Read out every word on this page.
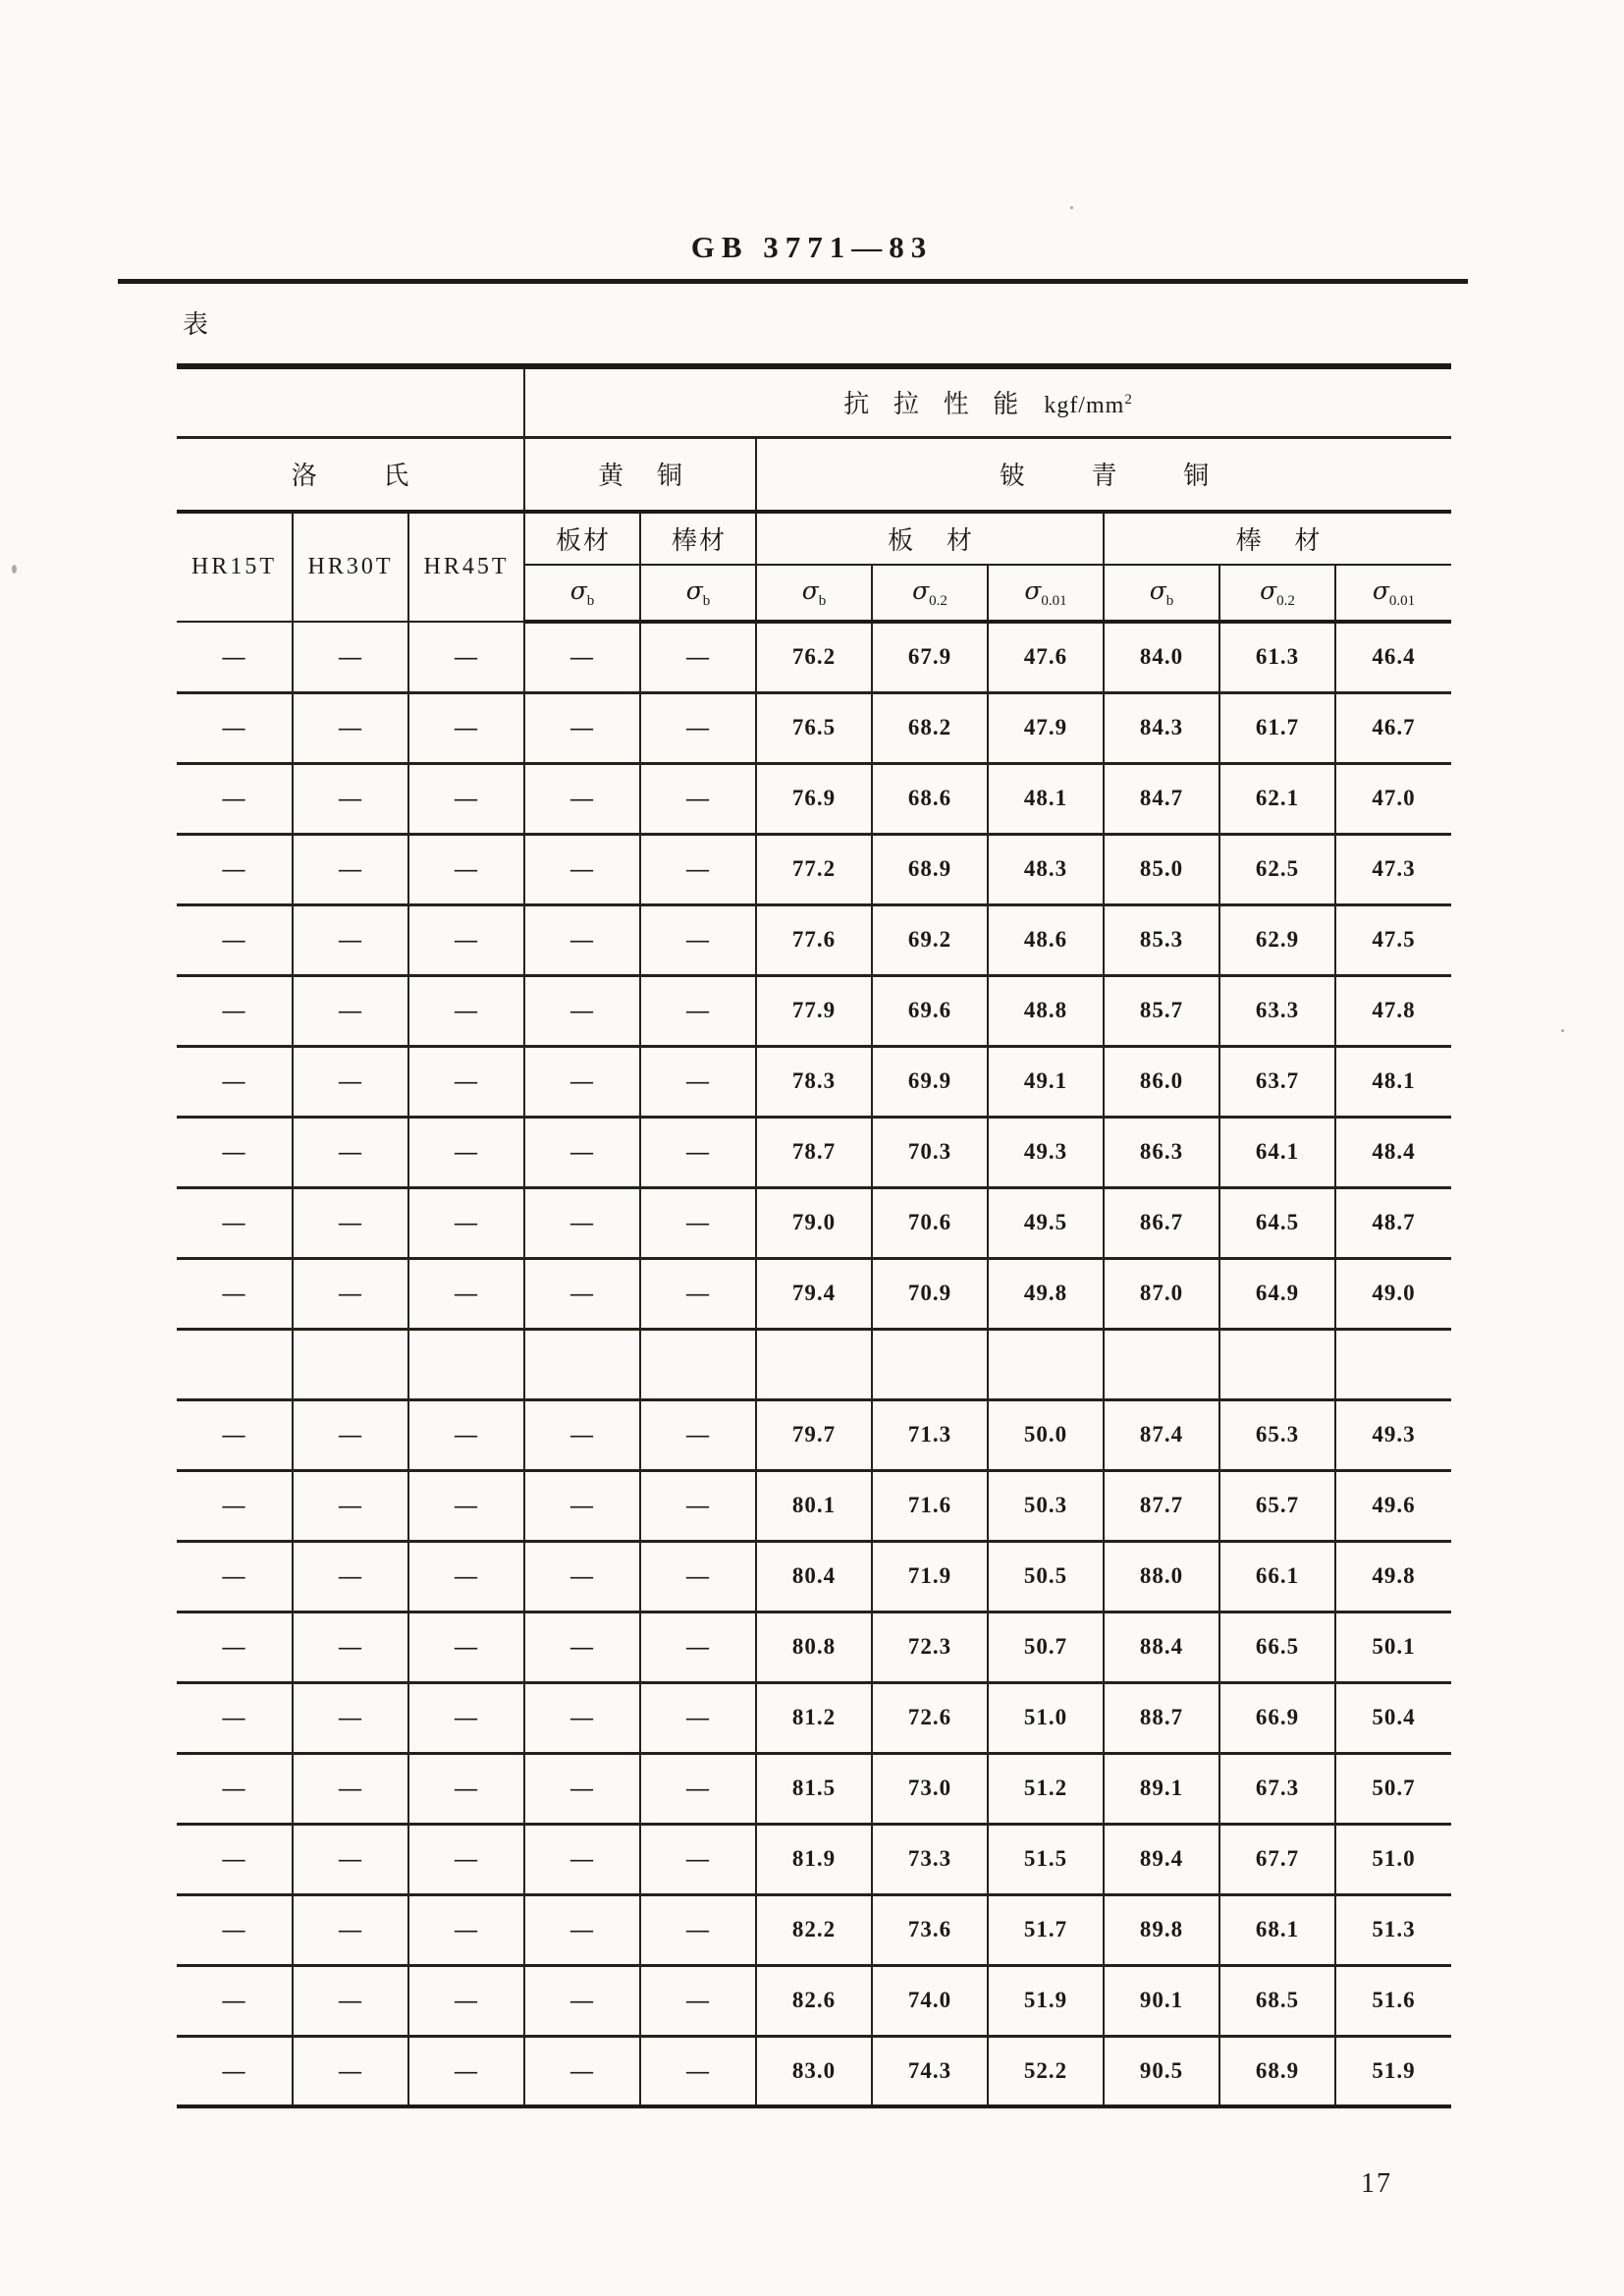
GB 3771—83
表
			抗拉性能kgf/$mm^2$
洛氏			黄铜		铍青铜					
HR15T	HR30T	HR45T	板材	棒材	板材			棒材		
			$\sigma_b$	$\sigma_b$	$\sigma_b$	$\sigma_{0.2}$	$\sigma_{0.01}$	$\sigma_b$	$\sigma_{0.2}$	$\sigma_{0.01}$
—	—	—	—	—	76.2	67.9	47.6	84.0	61.3	46.4
—	—	—	—	—	76.5	68.2	47.9	84.3	61.7	46.7
—	—	—	—	—	76.9	68.6	48.1	84.7	62.1	47.0
—	—	—	—	—	77.2	68.9	48.3	85.0	62.5	47.3
—	—	—	—	—	77.6	69.2	48.6	85.3	62.9	47.5
—	—	—	—	—	77.9	69.6	48.8	85.7	63.3	47.8
—	—	—	—	—	78.3	69.9	49.1	86.0	63.7	48.1
—	—	—	—	—	78.7	70.3	49.3	86.3	64.1	48.4
—	—	—	—	—	79.0	70.6	49.5	86.7	64.5	48.7
—	—	—	—	—	79.4	70.9	49.8	87.0	64.9	49.0

—	—	—	—	—	79.7	71.3	50.0	87.4	65.3	49.3
—	—	—	—	—	80.1	71.6	50.3	87.7	65.7	49.6
—	—	—	—	—	80.4	71.9	50.5	88.0	66.1	49.8
—	—	—	—	—	80.8	72.3	50.7	88.4	66.5	50.1
—	—	—	—	—	81.2	72.6	51.0	88.7	66.9	50.4
—	—	—	—	—	81.5	73.0	51.2	89.1	67.3	50.7
—	—	—	—	—	81.9	73.3	51.5	89.4	67.7	51.0
—	—	—	—	—	82.2	73.6	51.7	89.8	68.1	51.3
—	—	—	—	—	82.6	74.0	51.9	90.1	68.5	51.6
—	—	—	—	—	83.0	74.3	52.2	90.5	68.9	51.9
17
